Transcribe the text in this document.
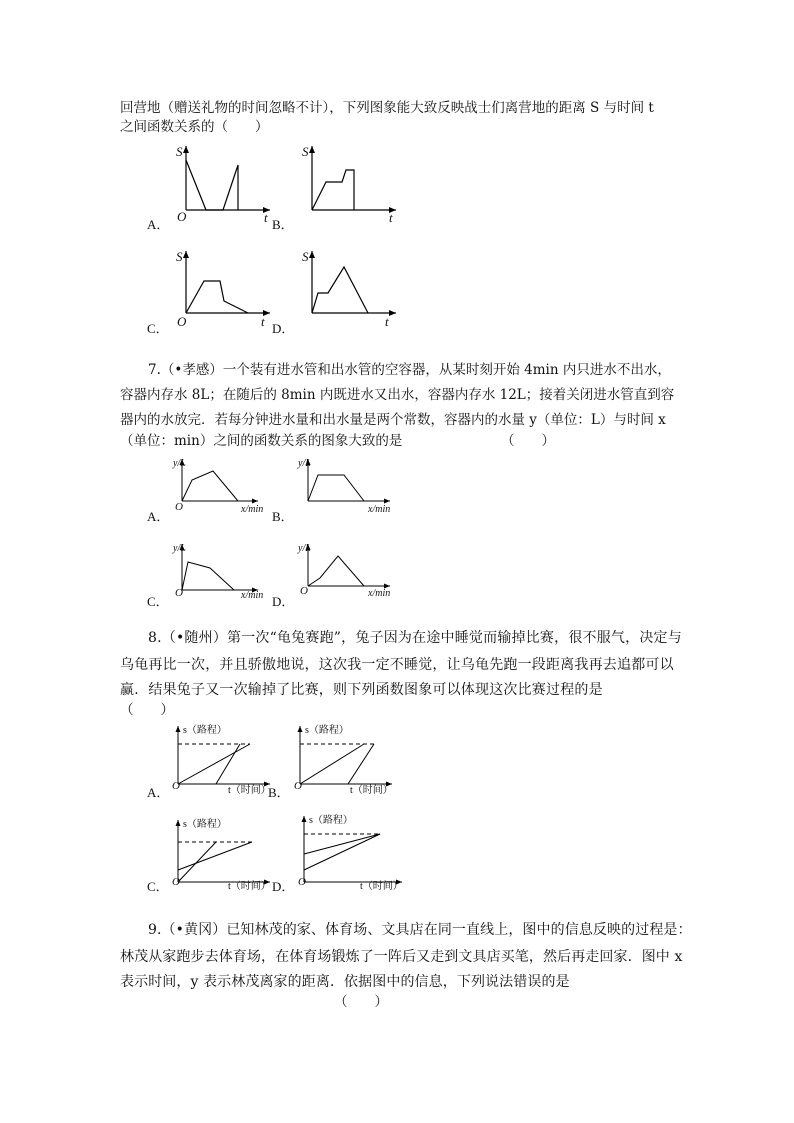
回营地（赠送礼物的时间忽略不计），下列图象能大致反映战士们离营地的距离 S 与时间 t
之间函数关系的（　　）
A．
S
O	t B．
S
t
C．
S
O	t D．
S
t
7.（•孝感）一个装有进水管和出水管的空容器，从某时刻开始 4min 内只进水不出水，
容器内存水 8L；在随后的 8min 内既进水又出水，容器内存水 12L；接着关闭进水管直到容
器内的水放完．若每分钟进水量和出水量是两个常数，容器内的水量 y（单位：L）与时间 x
（单位：min）之间的函数关系的图象大致的是	（　　）
A．
y/L
O	x/min B．
y/L
x/min
C．
y/L
O	x/min D．
y/L
O	x/min
8.（•随州）第一次“龟兔赛跑”，兔子因为在途中睡觉而输掉比赛，很不服气，决定与
乌龟再比一次，并且骄傲地说，这次我一定不睡觉，让乌龟先跑一段距离我再去追都可以
赢．结果兔子又一次输掉了比赛，则下列函数图象可以体现这次比赛过程的是
（　　）
A．
s（路程）
O	t（时间）
B．
s（路程）
O	t（时间）
C．
s（路程）
O	t（时间） D．
s（路程）
O	t（时间）
9.（•黄冈）已知林茂的家、体育场、文具店在同一直线上，图中的信息反映的过程是：
林茂从家跑步去体育场，在体育场锻炼了一阵后又走到文具店买笔，然后再走回家．图中 x
表示时间，y 表示林茂离家的距离．依据图中的信息，下列说法错误的是
（　　）
